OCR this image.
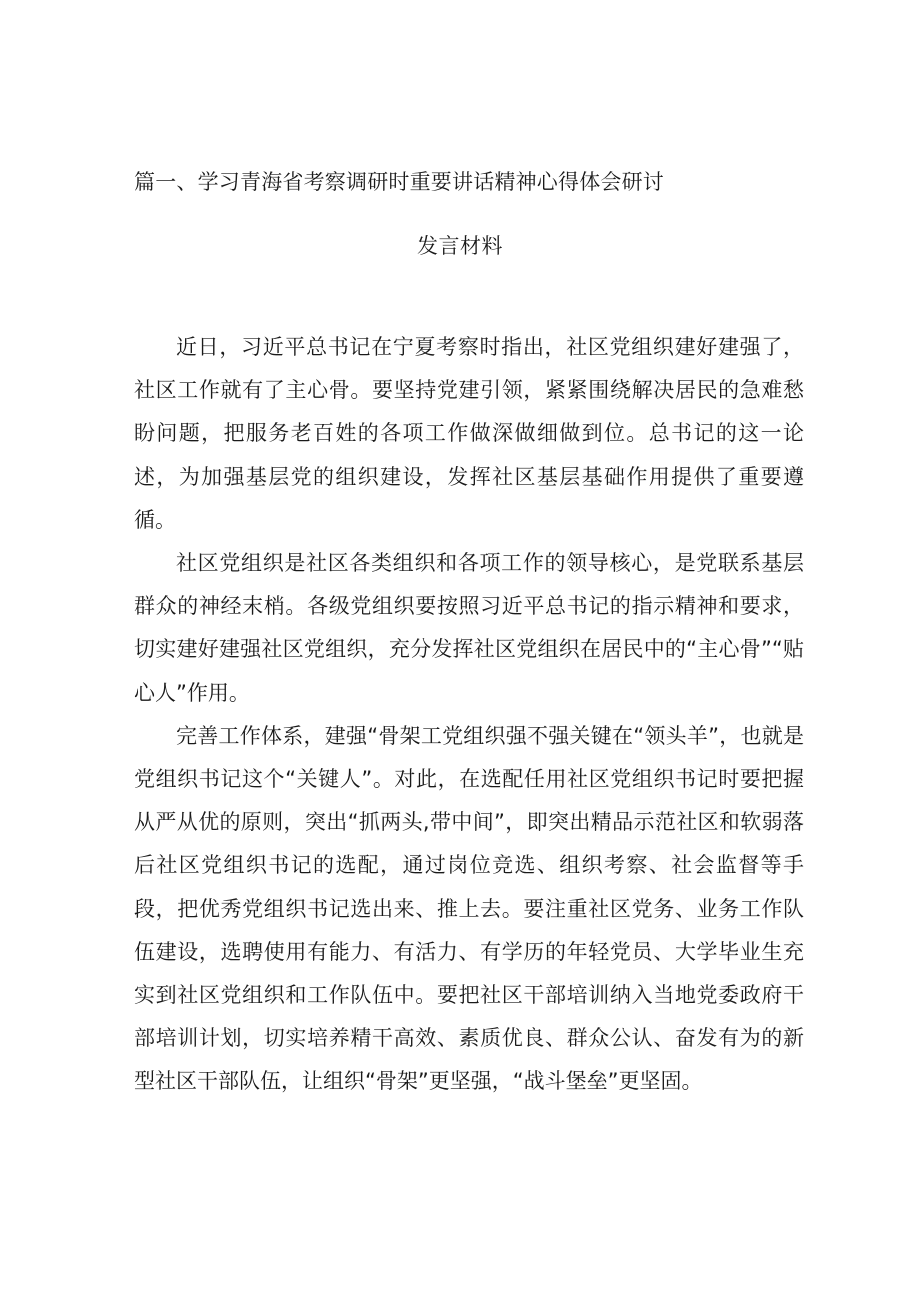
篇一、学习青海省考察调研时重要讲话精神心得体会研讨
发言材料

近日，习近平总书记在宁夏考察时指出，社区党组织建好建强了，社区工作就有了主心骨。要坚持党建引领，紧紧围绕解决居民的急难愁盼问题，把服务老百姓的各项工作做深做细做到位。总书记的这一论述，为加强基层党的组织建设，发挥社区基层基础作用提供了重要遵循。

社区党组织是社区各类组织和各项工作的领导核心，是党联系基层群众的神经末梢。各级党组织要按照习近平总书记的指示精神和要求，切实建好建强社区党组织，充分发挥社区党组织在居民中的“主心骨”“贴心人”作用。

完善工作体系，建强“骨架工党组织强不强关键在“领头羊”，也就是党组织书记这个“关键人”。对此，在选配任用社区党组织书记时要把握从严从优的原则，突出“抓两头,带中间”，即突出精品示范社区和软弱落后社区党组织书记的选配，通过岗位竞选、组织考察、社会监督等手段，把优秀党组织书记选出来、推上去。要注重社区党务、业务工作队伍建设，选聘使用有能力、有活力、有学历的年轻党员、大学毕业生充实到社区党组织和工作队伍中。要把社区干部培训纳入当地党委政府干部培训计划，切实培养精干高效、素质优良、群众公认、奋发有为的新型社区干部队伍，让组织“骨架”更坚强，“战斗堡垒”更坚固。
